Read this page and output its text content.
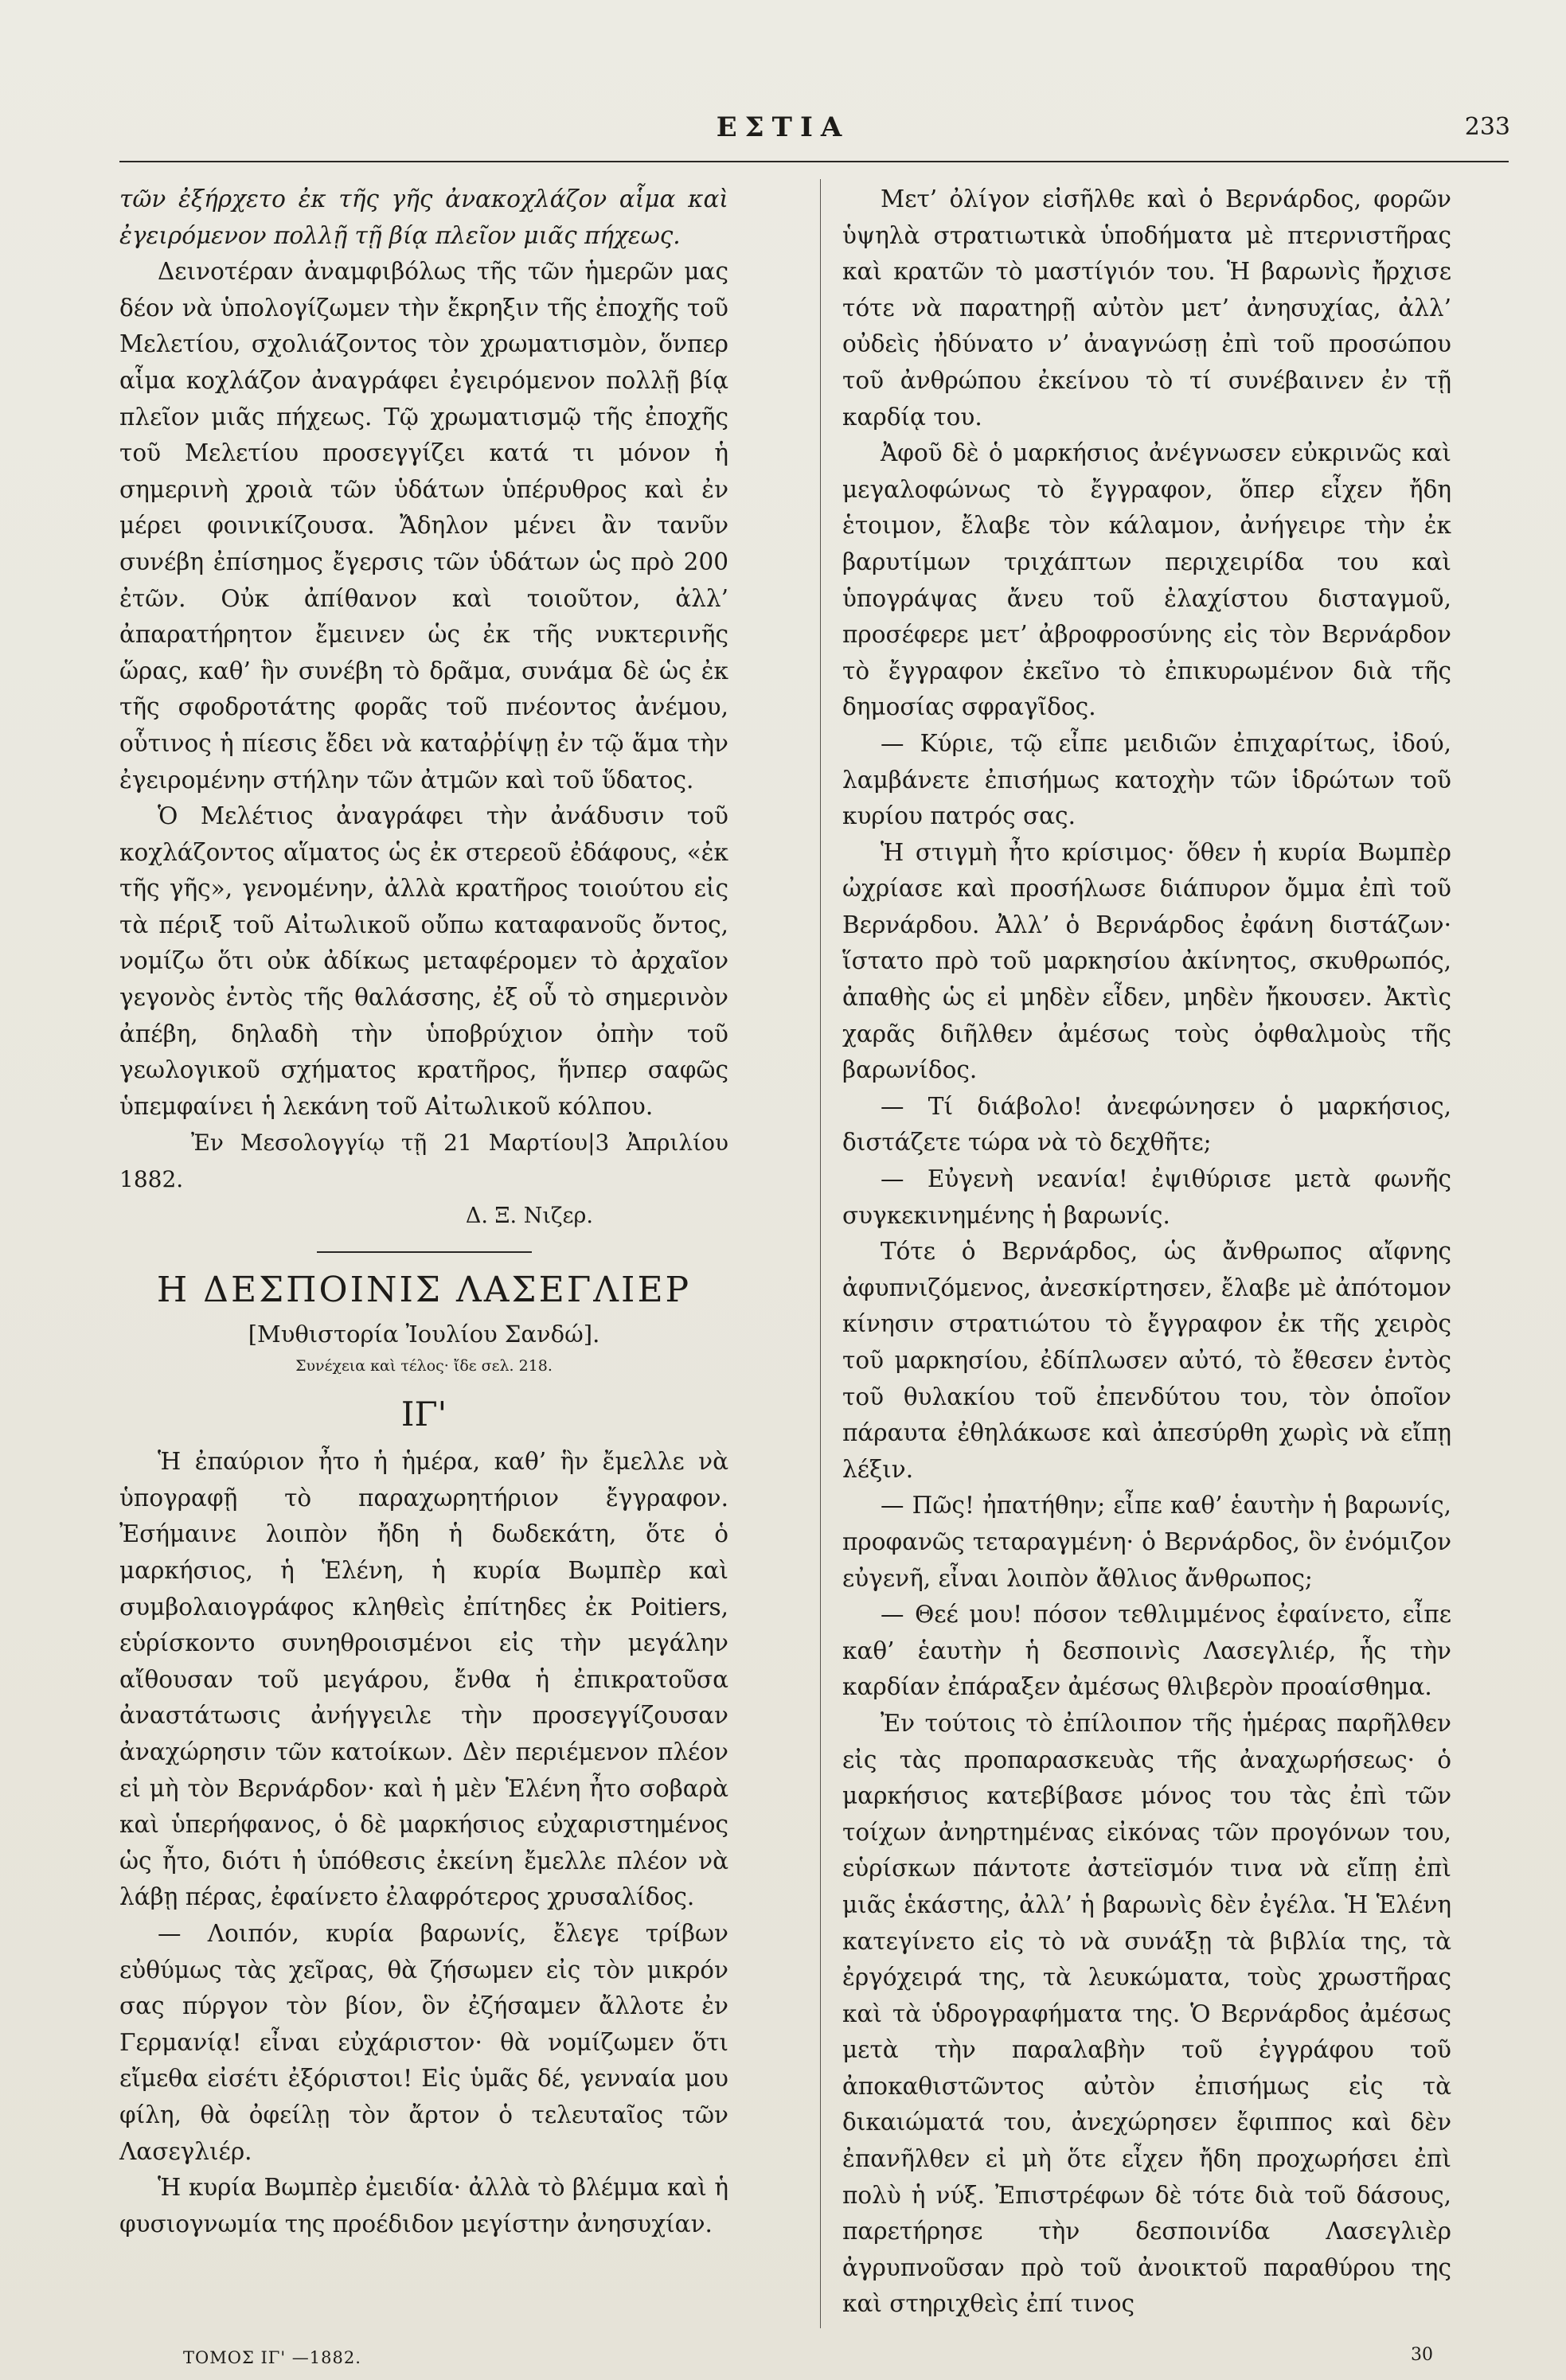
ΕΣΤΙΑ	233

τῶν ἐξήρχετο ἐκ τῆς γῆς ἀνακοχλάζον αἷμα καὶ ἐγειρόμενον πολλῇ τῇ βίᾳ πλεῖον μιᾶς πήχεως.

Δεινοτέραν ἀναμφιβόλως τῆς τῶν ἡμερῶν μας δέον νὰ ὑπολογίζωμεν τὴν ἔκρηξιν τῆς ἐποχῆς τοῦ Μελετίου, σχολιάζοντος τὸν χρωματισμὸν, ὅνπερ αἷμα κοχλάζον ἀναγράφει ἐγειρόμενον πολλῇ βίᾳ πλεῖον μιᾶς πήχεως. Τῷ χρωματισμῷ τῆς ἐποχῆς τοῦ Μελετίου προσεγγίζει κατά τι μόνον ἡ σημερινὴ χροιὰ τῶν ὑδάτων ὑπέρυθρος καὶ ἐν μέρει φοινικίζουσα. Ἄδηλον μένει ἂν τανῦν συνέβη ἐπίσημος ἔγερσις τῶν ὑδάτων ὡς πρὸ 200 ἐτῶν. Οὐκ ἀπίθανον καὶ τοιοῦτον, ἀλλ’ ἀπαρατήρητον ἔμεινεν ὡς ἐκ τῆς νυκτερινῆς ὥρας, καθ’ ἣν συνέβη τὸ δρᾶμα, συνάμα δὲ ὡς ἐκ τῆς σφοδροτάτης φορᾶς τοῦ πνέοντος ἀνέμου, οὗτινος ἡ πίεσις ἔδει νὰ καταῤῥίψῃ ἐν τῷ ἅμα τὴν ἐγειρομένην στήλην τῶν ἀτμῶν καὶ τοῦ ὕδατος.

Ὁ Μελέτιος ἀναγράφει τὴν ἀνάδυσιν τοῦ κοχλάζοντος αἵματος ὡς ἐκ στερεοῦ ἐδάφους, «ἐκ τῆς γῆς», γενομένην, ἀλλὰ κρατῆρος τοιούτου εἰς τὰ πέριξ τοῦ Αἰτωλικοῦ οὔπω καταφανοῦς ὄντος, νομίζω ὅτι οὐκ ἀδίκως μεταφέρομεν τὸ ἀρχαῖον γεγονὸς ἐντὸς τῆς θαλάσσης, ἐξ οὗ τὸ σημερινὸν ἀπέβη, δηλαδὴ τὴν ὑποβρύχιον ὀπὴν τοῦ γεωλογικοῦ σχήματος κρατῆρος, ἥνπερ σαφῶς ὑπεμφαίνει ἡ λεκάνη τοῦ Αἰτωλικοῦ κόλπου.

Ἐν Μεσολογγίῳ τῇ 21 Μαρτίου|3 Ἀπριλίου 1882.

Δ. Ξ. Νιζερ.

Η ΔΕΣΠΟΙΝΙΣ ΛΑΣΕΓΛΙΕΡ
[Μυθιστορία Ἰουλίου Σανδώ].
Συνέχεια καὶ τέλος· ἴδε σελ. 218.
ΙΓ'

Ἡ ἐπαύριον ἦτο ἡ ἡμέρα, καθ’ ἣν ἔμελλε νὰ ὑπογραφῇ τὸ παραχωρητήριον ἔγγραφον. Ἐσήμαινε λοιπὸν ἤδη ἡ δωδεκάτη, ὅτε ὁ μαρκήσιος, ἡ Ἑλένη, ἡ κυρία Βωμπὲρ καὶ συμβολαιογράφος κληθεὶς ἐπίτηδες ἐκ Poitiers, εὑρίσκοντο συνηθροισμένοι εἰς τὴν μεγάλην αἴθουσαν τοῦ μεγάρου, ἔνθα ἡ ἐπικρατοῦσα ἀναστάτωσις ἀνήγγειλε τὴν προσεγγίζουσαν ἀναχώρησιν τῶν κατοίκων. Δὲν περιέμενον πλέον εἰ μὴ τὸν Βερνάρδον· καὶ ἡ μὲν Ἑλένη ἦτο σοβαρὰ καὶ ὑπερήφανος, ὁ δὲ μαρκήσιος εὐχαριστημένος ὡς ἦτο, διότι ἡ ὑπόθεσις ἐκείνη ἔμελλε πλέον νὰ λάβῃ πέρας, ἐφαίνετο ἐλαφρότερος χρυσαλίδος.

— Λοιπόν, κυρία βαρωνίς, ἔλεγε τρίβων εὐθύμως τὰς χεῖρας, θὰ ζήσωμεν εἰς τὸν μικρόν σας πύργον τὸν βίον, ὃν ἐζήσαμεν ἄλλοτε ἐν Γερμανίᾳ! εἶναι εὐχάριστον· θὰ νομίζωμεν ὅτι εἴμεθα εἰσέτι ἐξόριστοι! Εἰς ὑμᾶς δέ, γενναία μου φίλη, θὰ ὀφείλῃ τὸν ἄρτον ὁ τελευταῖος τῶν Λασεγλιέρ.

Ἡ κυρία Βωμπὲρ ἐμειδία· ἀλλὰ τὸ βλέμμα καὶ ἡ φυσιογνωμία της προέδιδον μεγίστην ἀνησυχίαν.

Μετ’ ὀλίγον εἰσῆλθε καὶ ὁ Βερνάρδος, φορῶν ὑψηλὰ στρατιωτικὰ ὑποδήματα μὲ πτερνιστῆρας καὶ κρατῶν τὸ μαστίγιόν του. Ἡ βαρωνὶς ἤρχισε τότε νὰ παρατηρῇ αὐτὸν μετ’ ἀνησυχίας, ἀλλ’ οὐδεὶς ἠδύνατο ν’ ἀναγνώσῃ ἐπὶ τοῦ προσώπου τοῦ ἀνθρώπου ἐκείνου τὸ τί συνέβαινεν ἐν τῇ καρδίᾳ του.

Ἀφοῦ δὲ ὁ μαρκήσιος ἀνέγνωσεν εὐκρινῶς καὶ μεγαλοφώνως τὸ ἔγγραφον, ὅπερ εἶχεν ἤδη ἑτοιμον, ἔλαβε τὸν κάλαμον, ἀνήγειρε τὴν ἐκ βαρυτίμων τριχάπτων περιχειρίδα του καὶ ὑπογράψας ἄνευ τοῦ ἐλαχίστου δισταγμοῦ, προσέφερε μετ’ ἀβροφροσύνης εἰς τὸν Βερνάρδον τὸ ἔγγραφον ἐκεῖνο τὸ ἐπικυρωμένον διὰ τῆς δημοσίας σφραγῖδος.

— Κύριε, τῷ εἶπε μειδιῶν ἐπιχαρίτως, ἰδού, λαμβάνετε ἐπισήμως κατοχὴν τῶν ἱδρώτων τοῦ κυρίου πατρός σας.

Ἡ στιγμὴ ἦτο κρίσιμος· ὅθεν ἡ κυρία Βωμπὲρ ὠχρίασε καὶ προσήλωσε διάπυρον ὄμμα ἐπὶ τοῦ Βερνάρδου. Ἀλλ’ ὁ Βερνάρδος ἐφάνη διστάζων· ἵστατο πρὸ τοῦ μαρκησίου ἀκίνητος, σκυθρωπός, ἀπαθὴς ὡς εἰ μηδὲν εἶδεν, μηδὲν ἤκουσεν. Ἀκτὶς χαρᾶς διῆλθεν ἀμέσως τοὺς ὀφθαλμοὺς τῆς βαρωνίδος.

— Τί διάβολο! ἀνεφώνησεν ὁ μαρκήσιος, διστάζετε τώρα νὰ τὸ δεχθῆτε;

— Εὐγενὴ νεανία! ἐψιθύρισε μετὰ φωνῆς συγκεκινημένης ἡ βαρωνίς.

Τότε ὁ Βερνάρδος, ὡς ἄνθρωπος αἴφνης ἀφυπνιζόμενος, ἀνεσκίρτησεν, ἔλαβε μὲ ἀπότομον κίνησιν στρατιώτου τὸ ἔγγραφον ἐκ τῆς χειρὸς τοῦ μαρκησίου, ἐδίπλωσεν αὐτό, τὸ ἔθεσεν ἐντὸς τοῦ θυλακίου τοῦ ἐπενδύτου του, τὸν ὁποῖον πάραυτα ἐθηλάκωσε καὶ ἀπεσύρθη χωρὶς νὰ εἴπῃ λέξιν.

— Πῶς! ἠπατήθην; εἶπε καθ’ ἑαυτὴν ἡ βαρωνίς, προφανῶς τεταραγμένη· ὁ Βερνάρδος, ὃν ἐνόμιζον εὐγενῆ, εἶναι λοιπὸν ἄθλιος ἄνθρωπος;

— Θεέ μου! πόσον τεθλιμμένος ἐφαίνετο, εἶπε καθ’ ἑαυτὴν ἡ δεσποινὶς Λασεγλιέρ, ἧς τὴν καρδίαν ἐπάραξεν ἀμέσως θλιβερὸν προαίσθημα.

Ἐν τούτοις τὸ ἐπίλοιπον τῆς ἡμέρας παρῆλθεν εἰς τὰς προπαρασκευὰς τῆς ἀναχωρήσεως· ὁ μαρκήσιος κατεβίβασε μόνος του τὰς ἐπὶ τῶν τοίχων ἀνηρτημένας εἰκόνας τῶν προγόνων του, εὑρίσκων πάντοτε ἀστεϊσμόν τινα νὰ εἴπῃ ἐπὶ μιᾶς ἑκάστης, ἀλλ’ ἡ βαρωνὶς δὲν ἐγέλα. Ἡ Ἑλένη κατεγίνετο εἰς τὸ νὰ συνάξῃ τὰ βιβλία της, τὰ ἐργόχειρά της, τὰ λευκώματα, τοὺς χρωστῆρας καὶ τὰ ὑδρογραφήματα της. Ὁ Βερνάρδος ἀμέσως μετὰ τὴν παραλαβὴν τοῦ ἐγγράφου τοῦ ἀποκαθιστῶντος αὐτὸν ἐπισήμως εἰς τὰ δικαιώματά του, ἀνεχώρησεν ἔφιππος καὶ δὲν ἐπανῆλθεν εἰ μὴ ὅτε εἶχεν ἤδη προχωρήσει ἐπὶ πολὺ ἡ νύξ. Ἐπιστρέφων δὲ τότε διὰ τοῦ δάσους, παρετήρησε τὴν δεσποινίδα Λασεγλιὲρ ἀγρυπνοῦσαν πρὸ τοῦ ἀνοικτοῦ παραθύρου της καὶ στηριχθεὶς ἐπί τινος

ΤΟΜΟΣ ΙΓ' —1882.	30
